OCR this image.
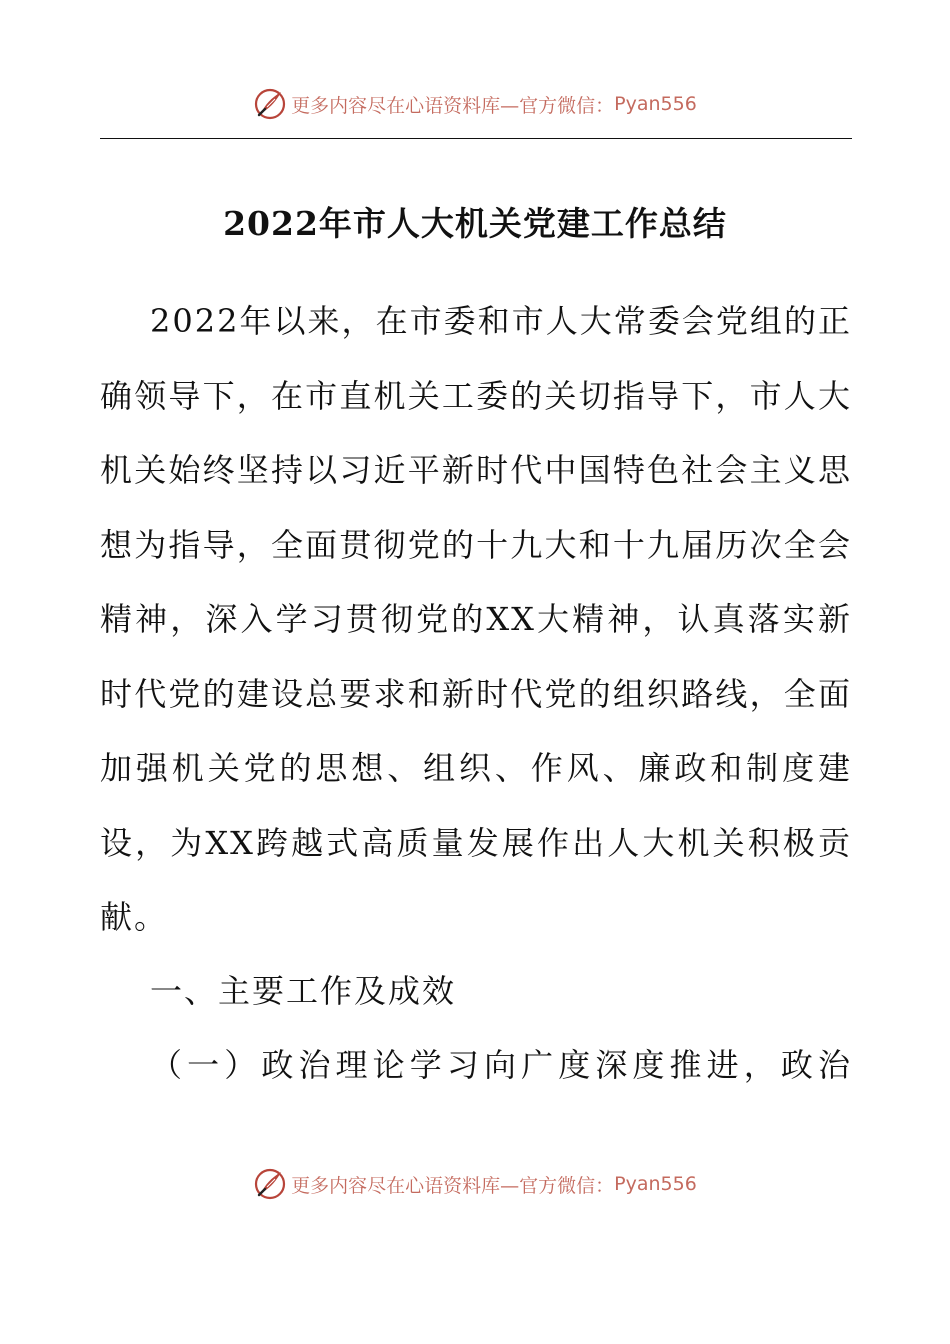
更多内容尽在心语资料库—官方微信： Pyan556
2022年市人大机关党建工作总结

2022年以来，在市委和市人大常委会党组的正确领导下，在市直机关工委的关切指导下，市人大机关始终坚持以习近平新时代中国特色社会主义思想为指导，全面贯彻党的十九大和十九届历次全会精神，深入学习贯彻党的XX大精神，认真落实新时代党的建设总要求和新时代党的组织路线，全面加强机关党的思想、组织、作风、廉政和制度建设，为XX跨越式高质量发展作出人大机关积极贡献。

一、主要工作及成效

（一）政治理论学习向广度深度推进，政治

更多内容尽在心语资料库—官方微信： Pyan556
